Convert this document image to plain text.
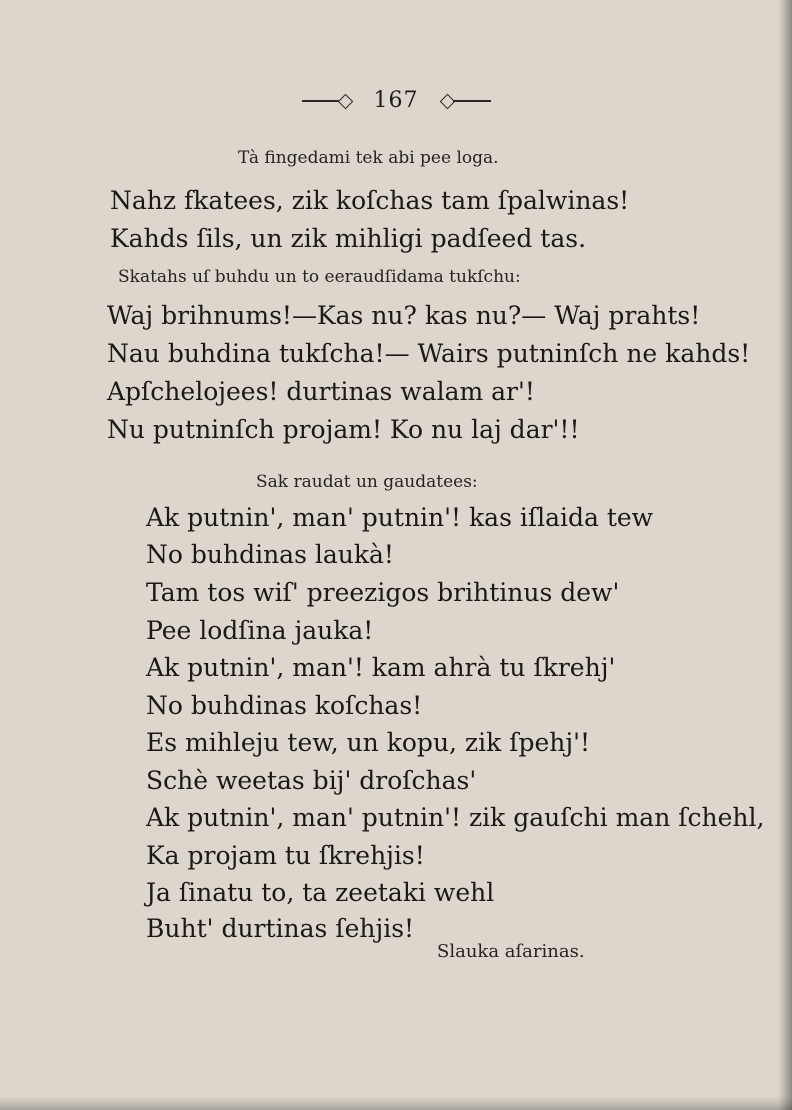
167
Tà fingedami tek abi pee loga.
Nahz fkatees, zik koſchas tam ſpalwinas!
Kahds ſils, un zik mihligi padſeed tas.
Skatahs uſ buhdu un to eeraudſidama tukſchu:
Waj brihnums!—Kas nu? kas nu?— Waj prahts!
Nau buhdina tukſcha!— Wairs putninſch ne kahds!
Apſchelojees! durtinas walam ar'!
Nu putninſch projam! Ko nu laj dar'!!
Sak raudat un gaudatees:
Ak putnin', man' putnin'! kas iſlaida tew
No buhdinas laukà!
Tam tos wiſ' preezigos brihtinus dew'
Pee lodſina jauka!
Ak putnin', man'! kam ahrà tu ſkrehj'
No buhdinas koſchas!
Es mihleju tew, un kopu, zik ſpehj'!
Schè weetas bij' droſchas'
Ak putnin', man' putnin'! zik gauſchi man ſchehl,
Ka projam tu ſkrehjis!
Ja ſinatu to, ta zeetaki wehl
Buht' durtinas ſehjis!
Slauka aſarinas.
